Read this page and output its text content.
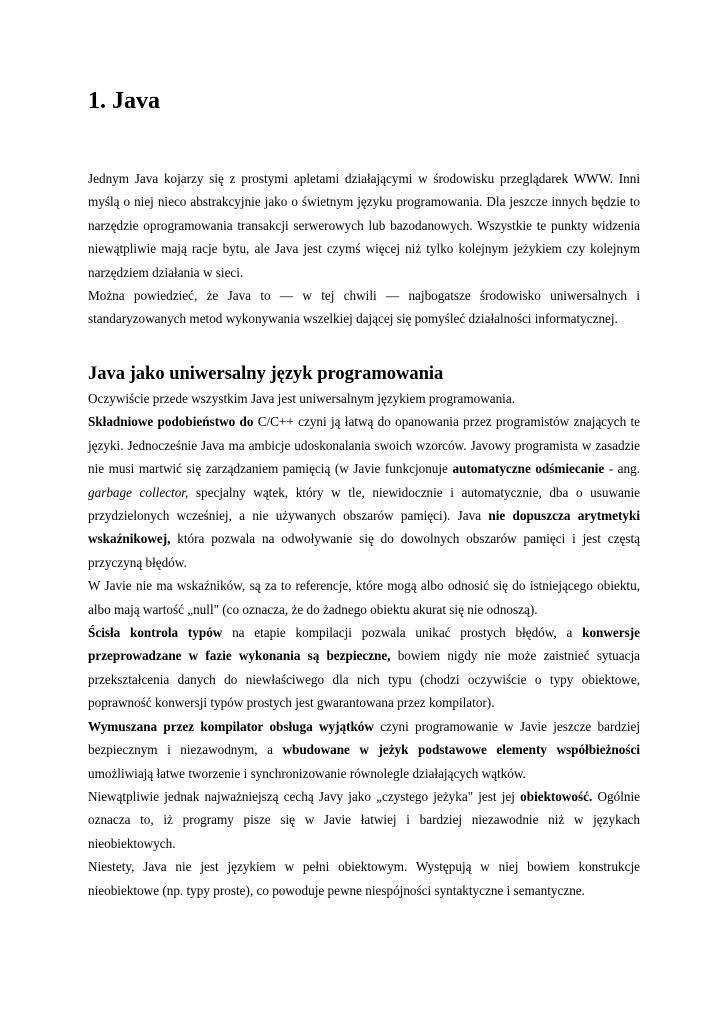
1. Java

Jednym Java kojarzy się z prostymi apletami działającymi w środowisku przeglądarek WWW. Inni myślą o niej nieco abstrakcyjnie jako o świetnym języku programowania. Dla jeszcze innych będzie to narzędzie oprogramowania transakcji serwerowych lub bazodanowych. Wszystkie te punkty widzenia niewątpliwie mają racje bytu, ale Java jest czymś więcej niż tylko kolejnym jeżykiem czy kolejnym narzędziem działania w sieci.

Można powiedzieć, że Java to — w tej chwili — najbogatsze środowisko uniwersalnych i standaryzowanych metod wykonywania wszelkiej dającej się pomyśleć działalności informatycznej.

Java jako uniwersalny język programowania

Oczywiście przede wszystkim Java jest uniwersalnym językiem programowania.

Składniowe podobieństwo do C/C++ czyni ją łatwą do opanowania przez programistów znających te języki. Jednocześnie Java ma ambicje udoskonalania swoich wzorców. Javowy programista w zasadzie nie musi martwić się zarządzaniem pamięcią (w Javie funkcjonuje automatyczne odśmiecanie - ang. garbage collector, specjalny wątek, który w tle, niewidocznie i automatycznie, dba o usuwanie przydzielonych wcześniej, a nie używanych obszarów pamięci). Java nie dopuszcza arytmetyki wskaźnikowej, która pozwala na odwoływanie się do dowolnych obszarów pamięci i jest częstą przyczyną błędów.

W Javie nie ma wskaźników, są za to referencje, które mogą albo odnosić się do istniejącego obiektu, albo mają wartość „null" (co oznacza, że do żadnego obiektu akurat się nie odnoszą).

Ścisła kontrola typów na etapie kompilacji pozwala unikać prostych błędów, a konwersje przeprowadzane w fazie wykonania są bezpieczne, bowiem nigdy nie może zaistnieć sytuacja przekształcenia danych do niewłaściwego dla nich typu (chodzi oczywiście o typy obiektowe, poprawność konwersji typów prostych jest gwarantowana przez kompilator).

Wymuszana przez kompilator obsługa wyjątków czyni programowanie w Javie jeszcze bardziej bezpiecznym i niezawodnym, a wbudowane w jeżyk podstawowe elementy współbieżności umożliwiają łatwe tworzenie i synchronizowanie równolegle działających wątków.

Niewątpliwie jednak najważniejszą cechą Javy jako „czystego jeżyka" jest jej obiektowość. Ogólnie oznacza to, iż programy pisze się w Javie łatwiej i bardziej niezawodnie niż w językach nieobiektowych.

Niestety, Java nie jest językiem w pełni obiektowym. Występują w niej bowiem konstrukcje nieobiektowe (np. typy proste), co powoduje pewne niespójności syntaktyczne i semantyczne.
